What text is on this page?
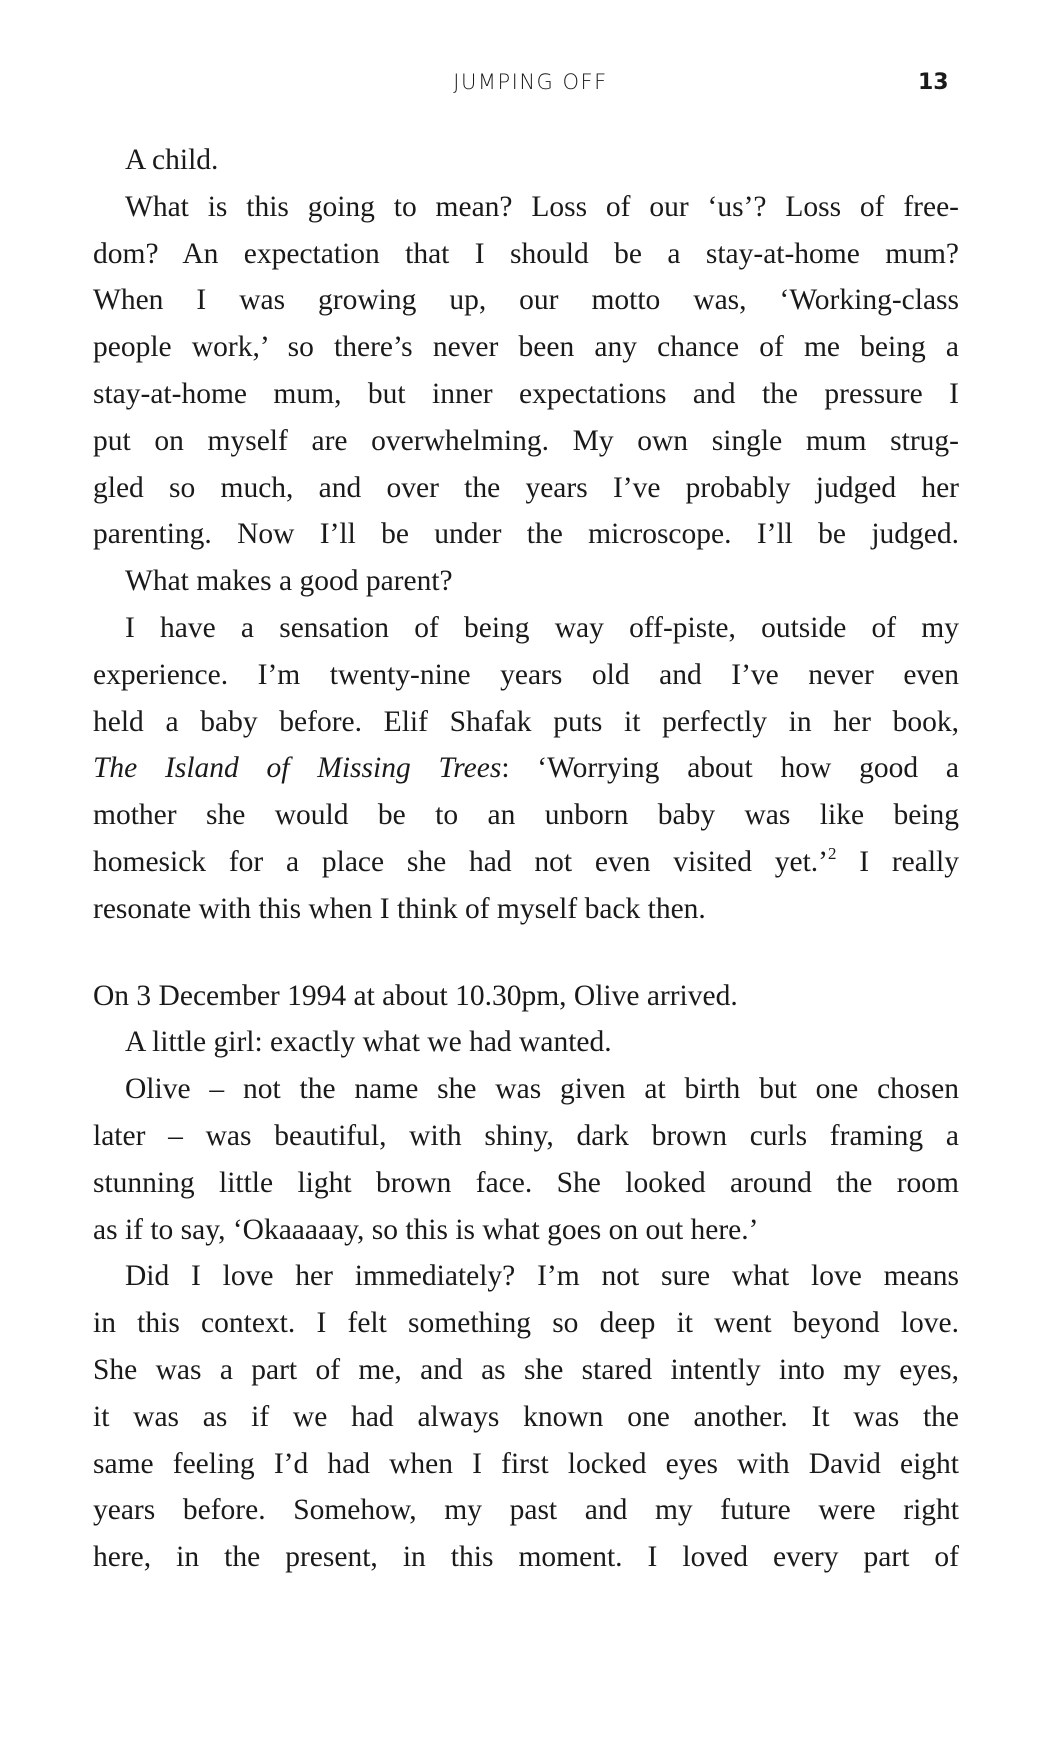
JUMPING OFF	13
A child.
What is this going to mean? Loss of our ‘us’? Loss of free-
dom? An expectation that I should be a stay-at-home mum?
When I was growing up, our motto was, ‘Working-class
people work,’ so there’s never been any chance of me being a
stay-at-home mum, but inner expectations and the pressure I
put on myself are overwhelming. My own single mum strug-
gled so much, and over the years I’ve probably judged her
parenting. Now I’ll be under the microscope. I’ll be judged.
What makes a good parent?
I have a sensation of being way off-piste, outside of my
experience. I’m twenty-nine years old and I’ve never even
held a baby before. Elif Shafak puts it perfectly in her book,
The Island of Missing Trees: ‘Worrying about how good a
mother she would be to an unborn baby was like being
homesick for a place she had not even visited yet.’$^2$ I really
resonate with this when I think of myself back then.
On 3 December 1994 at about 10.30pm, Olive arrived.
A little girl: exactly what we had wanted.
Olive – not the name she was given at birth but one chosen
later – was beautiful, with shiny, dark brown curls framing a
stunning little light brown face. She looked around the room
as if to say, ‘Okaaaaay, so this is what goes on out here.’
Did I love her immediately? I’m not sure what love means
in this context. I felt something so deep it went beyond love.
She was a part of me, and as she stared intently into my eyes,
it was as if we had always known one another. It was the
same feeling I’d had when I first locked eyes with David eight
years before. Somehow, my past and my future were right
here, in the present, in this moment. I loved every part of
